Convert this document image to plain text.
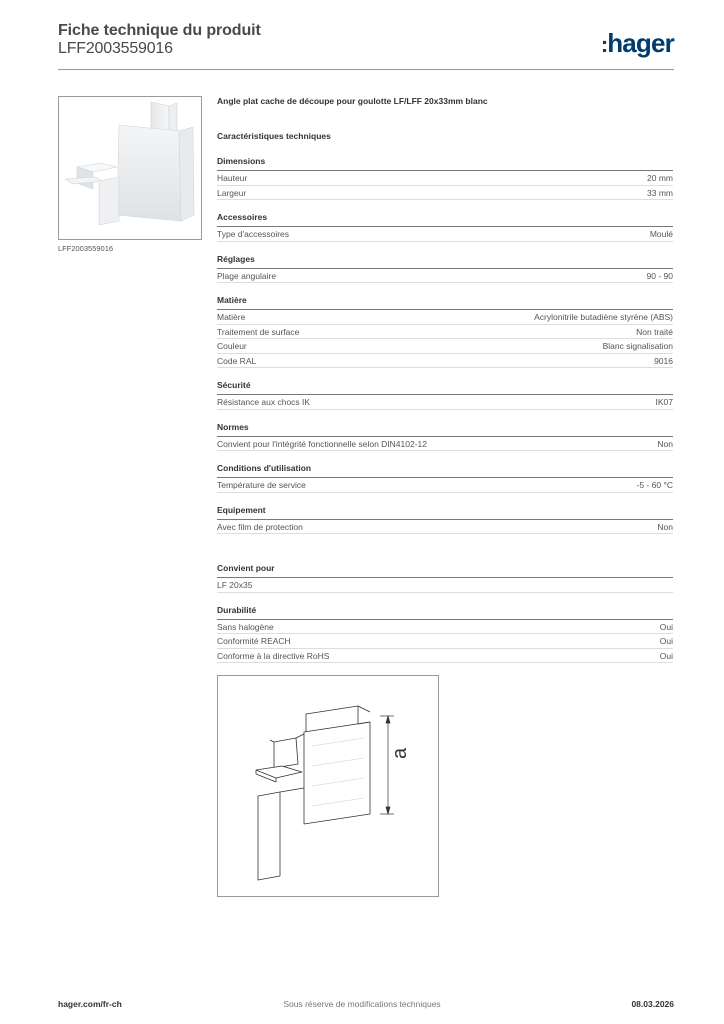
Fiche technique du produit
LFF2003559016	:hager
LFF2003559016
Angle plat cache de découpe pour goulotte LF/LFF 20x33mm blanc
Caractéristiques techniques
Dimensions
Hauteur	20 mm
Largeur	33 mm
Accessoires
Type d'accessoires	Moulé
Réglages
Plage angulaire	90 - 90
Matière
Matière	Acrylonitrile butadiène styrène (ABS)
Traitement de surface	Non traité
Couleur	Blanc signalisation
Code RAL	9016
Sécurité
Résistance aux chocs IK	IK07
Normes
Convient pour l'intégrité fonctionnelle selon DIN4102-12	Non
Conditions d'utilisation
Température de service	-5 - 60 °C
Equipement
Avec film de protection	Non
Convient pour
LF 20x35
Durabilité
Sans halogène	Oui
Conformité REACH	Oui
Conforme à la directive RoHS	Oui
a
hager.com/fr-ch	Sous réserve de modifications techniques	08.03.2026
